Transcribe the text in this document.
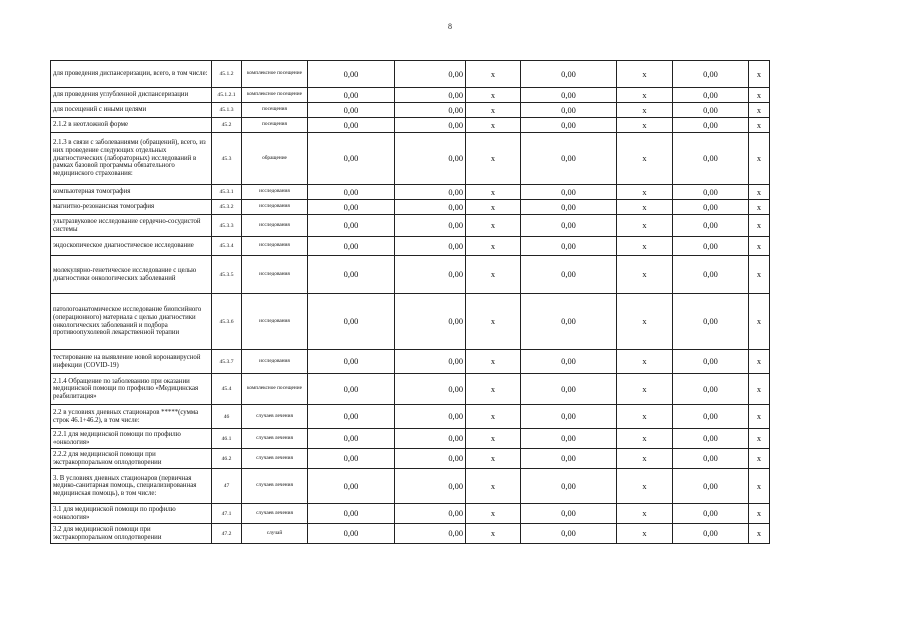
8
для проведения диспансеризации, всего, в том числе:	45.1.2	комплексное посещение	0,00	0,00	х	0,00	х	0,00	х
для проведения углубленной диспансеризации	45.1.2.1	комплексное посещение	0,00	0,00	х	0,00	х	0,00	х
для посещений с иными целями	45.1.3	посещения	0,00	0,00	х	0,00	х	0,00	х
2.1.2 в неотложной форме	45.2	посещения	0,00	0,00	х	0,00	х	0,00	х
2.1.3 в связи с заболеваниями (обращений), всего, из них проведение следующих отдельных диагностических (лабораторных) исследований в рамках базовой программы обязательного медицинского страхования:	45.3	обращение	0,00	0,00	х	0,00	х	0,00	х
компьютерная томография	45.3.1	исследования	0,00	0,00	х	0,00	х	0,00	х
магнитно-резонансная томография	45.3.2	исследования	0,00	0,00	х	0,00	х	0,00	х
ультразвуковое исследование сердечно-сосудистой системы	45.3.3	исследования	0,00	0,00	х	0,00	х	0,00	х
эндоскопическое диагностическое исследование	45.3.4	исследования	0,00	0,00	х	0,00	х	0,00	х
молекулярно-генетическое исследование с целью диагностики онкологических заболеваний	45.3.5	исследования	0,00	0,00	х	0,00	х	0,00	х
патологоанатомическое исследование биопсийного (операционного) материала с целью диагностики онкологических заболеваний и подбора противоопухолевой лекарственной терапии	45.3.6	исследования	0,00	0,00	х	0,00	х	0,00	х
тестирование на выявление новой коронавирусной инфекции (COVID-19)	45.3.7	исследования	0,00	0,00	х	0,00	х	0,00	х
2.1.4 Обращение по заболеванию при оказании медицинской помощи по профилю «Медицинская реабилитация»	45.4	комплексное посещение	0,00	0,00	х	0,00	х	0,00	х
2.2 в условиях дневных стационаров *****(сумма строк 46.1+46.2), в том числе:	46	случаев лечения	0,00	0,00	х	0,00	х	0,00	х
2.2.1 для медицинской помощи по профилю «онкология»	46.1	случаев лечения	0,00	0,00	х	0,00	х	0,00	х
2.2.2 для медицинской помощи при экстракорпоральном оплодотворении	46.2	случаев лечения	0,00	0,00	х	0,00	х	0,00	х
3. В условиях дневных стационаров (первичная медико-санитарная помощь, специализированная медицинская помощь), в том числе:	47	случаев лечения	0,00	0,00	х	0,00	х	0,00	х
3.1 для медицинской помощи по профилю «онкология»	47.1	случаев лечения	0,00	0,00	х	0,00	х	0,00	х
3.2 для медицинской помощи при экстракорпоральном оплодотворении	47.2	случай	0,00	0,00	х	0,00	х	0,00	х
